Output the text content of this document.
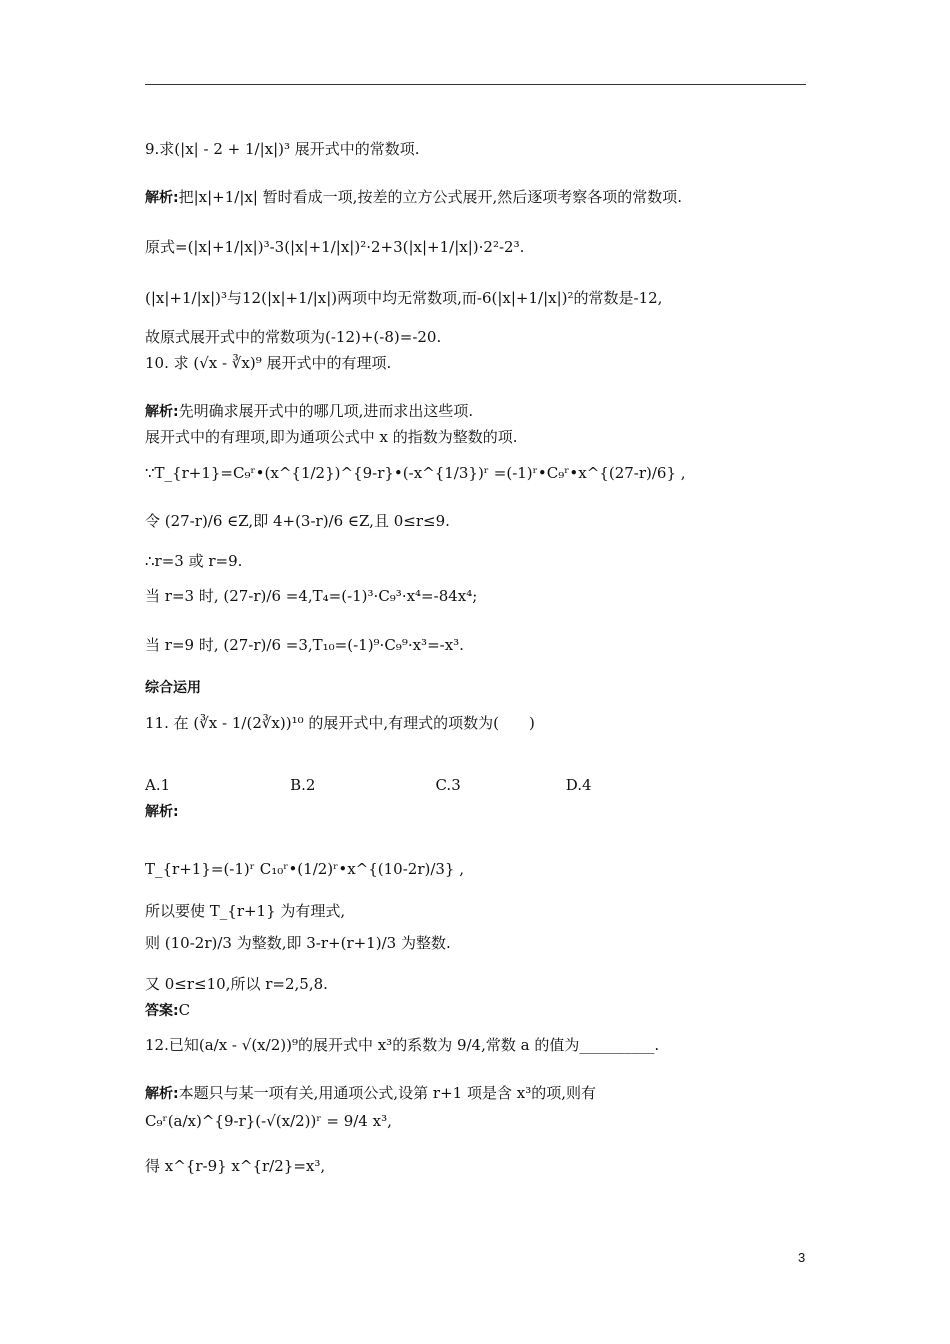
9.求(|x| - 2 + 1/|x|)³ 展开式中的常数项.
解析:把|x|+1/|x| 暂时看成一项,按差的立方公式展开,然后逐项考察各项的常数项.
原式=(|x|+1/|x|)³-3(|x|+1/|x|)²·2+3(|x|+1/|x|)·2²-2³.
(|x|+1/|x|)³与12(|x|+1/|x|)两项中均无常数项,而-6(|x|+1/|x|)²的常数是-12,
故原式展开式中的常数项为(-12)+(-8)=-20.
10. 求 (√x - ∛x)⁹ 展开式中的有理项.
解析:先明确求展开式中的哪几项,进而求出这些项.
展开式中的有理项,即为通项公式中 x 的指数为整数的项.
∵T_{r+1}=C₉ʳ•(x^{1/2})^{9-r}•(-x^{1/3})ʳ =(-1)ʳ•C₉ʳ•x^{(27-r)/6} ,
令 (27-r)/6 ∈Z,即 4+(3-r)/6 ∈Z,且 0≤r≤9.
∴r=3 或 r=9.
当 r=3 时, (27-r)/6 =4,T₄=(-1)³·C₉³·x⁴=-84x⁴;
当 r=9 时, (27-r)/6 =3,T₁₀=(-1)⁹·C₉⁹·x³=-x³.
综合运用
11. 在 (∛x - 1/(2∛x))¹⁰ 的展开式中,有理式的项数为(　　)
A.1　　　　　　　　B.2　　　　　　　　C.3　　　　　　　D.4
解析:
T_{r+1}=(-1)ʳ C₁₀ʳ•(1/2)ʳ•x^{(10-2r)/3} ,
所以要使 T_{r+1} 为有理式,
则 (10-2r)/3 为整数,即 3-r+(r+1)/3 为整数.
又 0≤r≤10,所以 r=2,5,8.
答案:C
12.已知(a/x - √(x/2))⁹的展开式中 x³的系数为 9/4,常数 a 的值为__________.
解析:本题只与某一项有关,用通项公式,设第 r+1 项是含 x³的项,则有
C₉ʳ(a/x)^{9-r}(-√(x/2))ʳ = 9/4 x³,
得 x^{r-9} x^{r/2}=x³,
3
